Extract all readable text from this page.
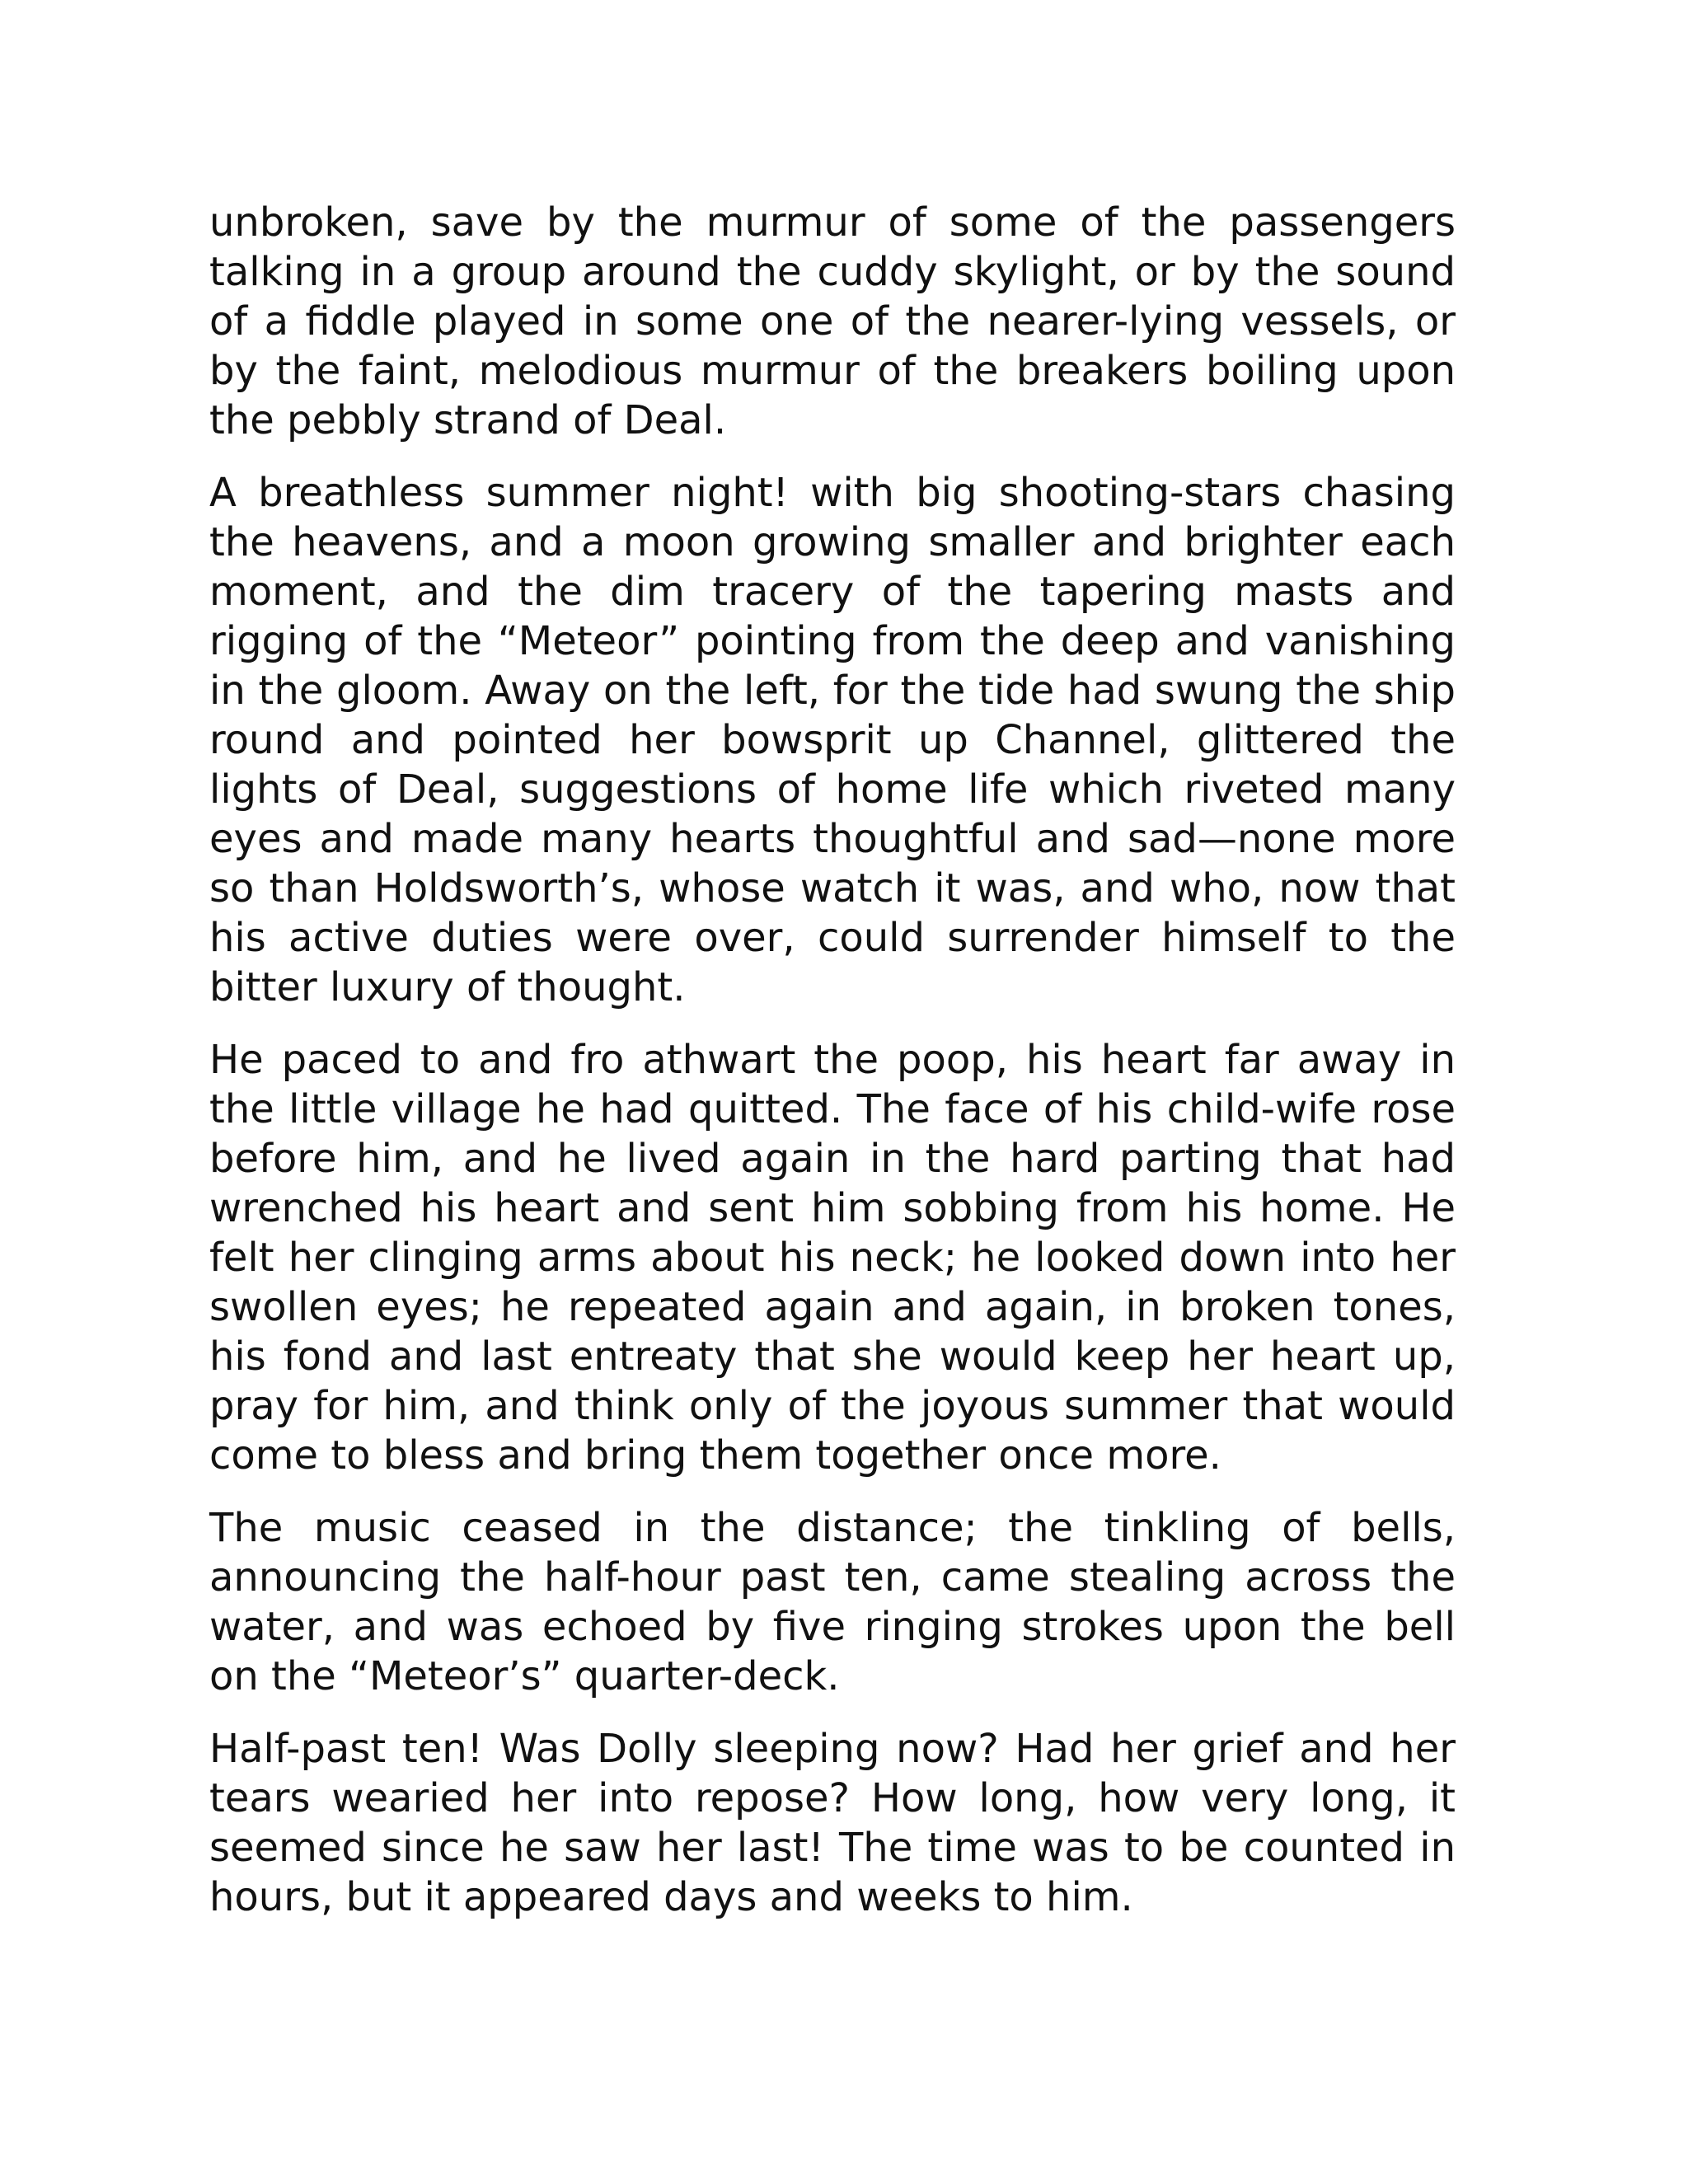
unbroken, save by the murmur of some of the passengers talking in a group around the cuddy skylight, or by the sound of a fiddle played in some one of the nearer-lying vessels, or by the faint, melodious murmur of the breakers boiling upon the pebbly strand of Deal.

A breathless summer night! with big shooting-stars chasing the heavens, and a moon growing smaller and brighter each moment, and the dim tracery of the tapering masts and rigging of the “Meteor” pointing from the deep and vanishing in the gloom. Away on the left, for the tide had swung the ship round and pointed her bowsprit up Channel, glittered the lights of Deal, suggestions of home life which riveted many eyes and made many hearts thoughtful and sad—none more so than Holdsworth’s, whose watch it was, and who, now that his active duties were over, could surrender himself to the bitter luxury of thought.

He paced to and fro athwart the poop, his heart far away in the little village he had quitted. The face of his child-wife rose before him, and he lived again in the hard parting that had wrenched his heart and sent him sobbing from his home. He felt her clinging arms about his neck; he looked down into her swollen eyes; he repeated again and again, in broken tones, his fond and last entreaty that she would keep her heart up, pray for him, and think only of the joyous summer that would come to bless and bring them together once more.

The music ceased in the distance; the tinkling of bells, announcing the half-hour past ten, came stealing across the water, and was echoed by five ringing strokes upon the bell on the “Meteor’s” quarter-deck.

Half-past ten! Was Dolly sleeping now? Had her grief and her tears wearied her into repose? How long, how very long, it seemed since he saw her last! The time was to be counted in hours, but it appeared days and weeks to him.
